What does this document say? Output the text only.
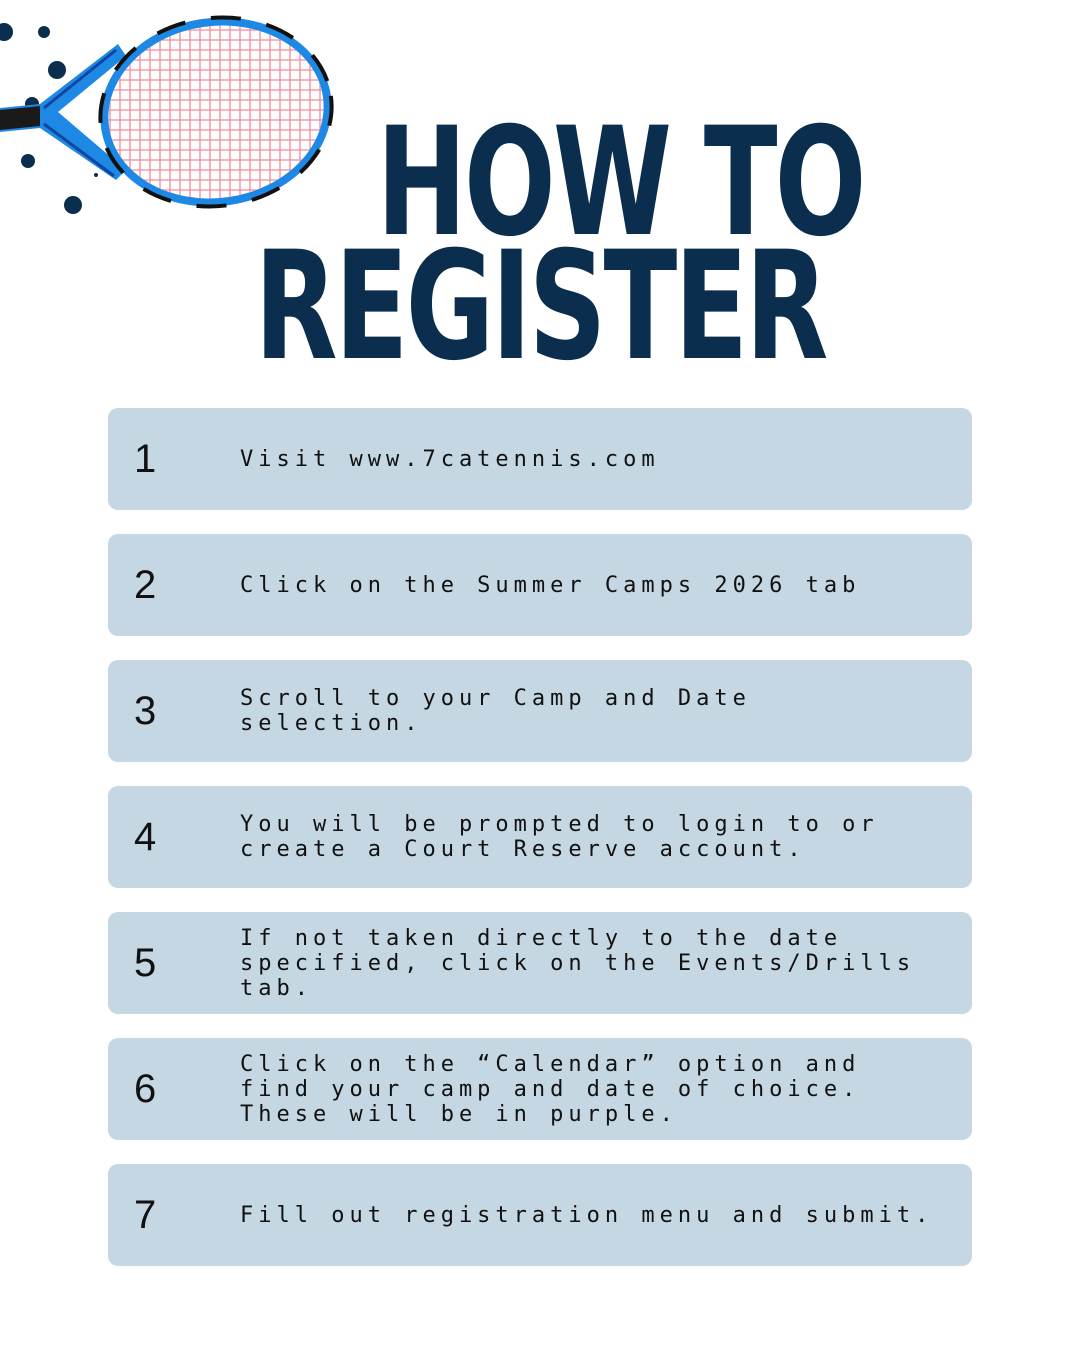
HOW TO
REGISTER
1	Visit www.7catennis.com
2	Click on the Summer Camps 2026 tab
3	Scroll to your Camp and Date selection.
4	You will be prompted to login to or create a Court Reserve account.
5
If not taken directly to the date specified, click on the Events/Drills tab.
6
Click on the “Calendar” option and find your camp and date of choice. These will be in purple.
7	Fill out registration menu and submit.
